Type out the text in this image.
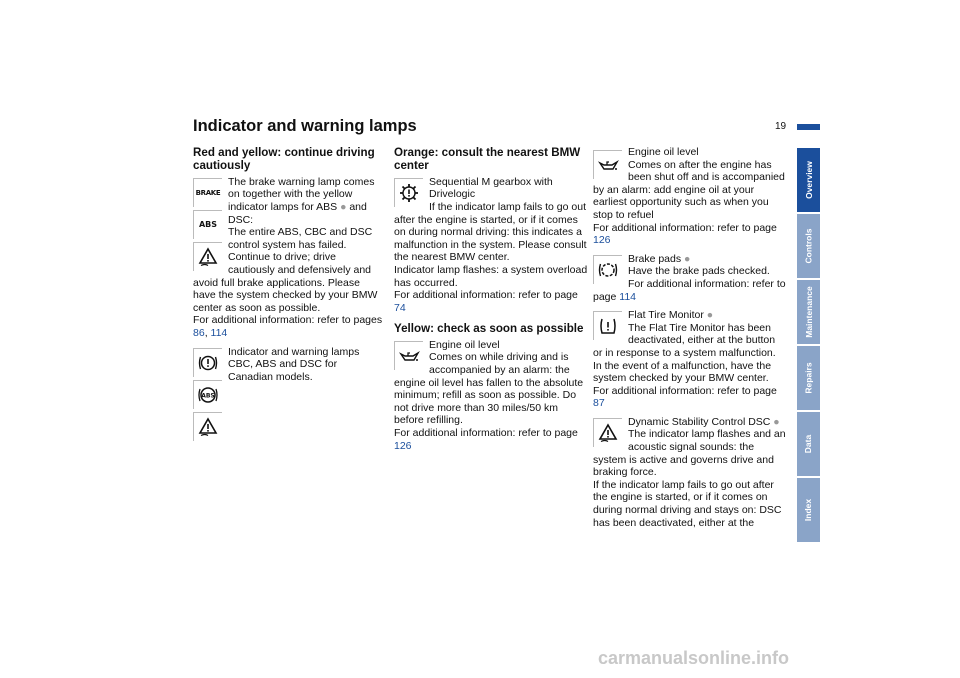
Indicator and warning lamps	19
Red and yellow: continue driving cautiously
BRAKE
ABS

The brake warning lamp comes on together with the yellow indicator lamps for ABS ● and DSC:
The entire ABS, CBC and DSC control system has failed. Continue to drive; drive cautiously and defensively and avoid full brake applications. Please have the system checked by your BMW center as soon as possible.
For additional information: refer to pages 86, 114

ABS

Indicator and warning lamps CBC, ABS and DSC for Canadian models.

Orange: consult the nearest BMW center

Sequential M gearbox with Drivelogic

If the indicator lamp fails to go out after the engine is started, or if it comes on during normal driving: this indicates a malfunction in the system. Please consult the nearest BMW center.

Indicator lamp flashes: a system overload has occurred.

For additional information: refer to page 74

Yellow: check as soon as possible

Engine oil level

Comes on while driving and is accompanied by an alarm: the engine oil level has fallen to the absolute minimum; refill as soon as possible. Do not drive more than 30 miles/50 km before refilling.

For additional information: refer to page 126

Engine oil level

Comes on after the engine has been shut off and is accompanied by an alarm: add engine oil at your earliest opportunity such as when you stop to refuel

For additional information: refer to page 126

Brake pads ●

Have the brake pads checked.

For additional information: refer to page 114

Flat Tire Monitor ●

The Flat Tire Monitor has been deactivated, either at the button or in response to a system malfunction. In the event of a malfunction, have the system checked by your BMW center.

For additional information: refer to page 87

Dynamic Stability Control DSC ●

The indicator lamp flashes and an acoustic signal sounds: the system is active and governs drive and braking force.

If the indicator lamp fails to go out after the engine is started, or if it comes on during normal driving and stays on: DSC has been deactivated, either at the

Overview
Controls
Maintenance
Repairs
Data
Index
carmanualsonline.info
